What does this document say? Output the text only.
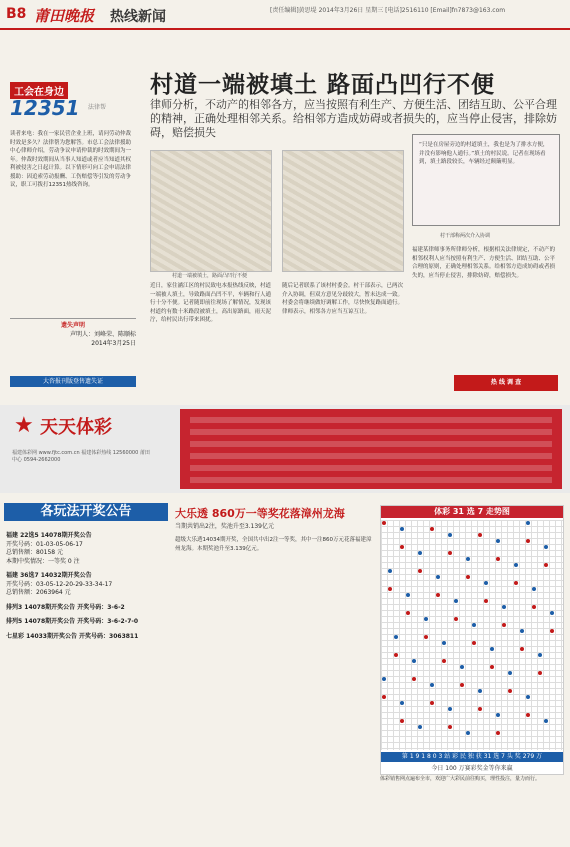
B8 莆田晚报 热线新闻	[责任编辑]黄思堤 2014年3月26日 星期三 [电话]2516110 [Email]fn7873@163.com
工会在身边
12351 法律帮
村道一端被填土 路面凸凹行不便
律师分析，不动产的相邻各方，应当按照有利生产、方便生活、团结互助、公平合理的精神，正确处理相邻关系。给相邻方造成妨碍或者损失的，应当停止侵害，排除妨碍，赔偿损失
读者来电：我在一家民营企业上班，请问劳动仲裁时效是多久？法律帮为您解答。市总工会法律援助中心律师介绍，劳动争议申请仲裁的时效期间为一年。仲裁时效期间从当事人知道或者应当知道其权利被侵害之日起计算。以下情形可向工会申请法律援助：因追索劳动报酬、工伤赔偿等引发的劳动争议，职工可拨打12351热线咨询。
村道一端被填土，路面凸凹行不便
近日，家住涵江区的村民致电本报热线反映，村道一端被人填土，导致路面凸凹不平，车辆和行人通行十分不便。记者随即前往现场了解情况，发现该村道约有数十米路段被填土，高出原路面，雨天泥泞，给村民出行带来困扰。
随后记者联系了该村村委会。村干部表示，已两次介入协调，但双方意见分歧较大，暂未达成一致。村委会将继续做好调解工作，尽快恢复路面通行。律师表示，相邻各方应当互谅互让。
“只是在房屋旁边的村道填土，我也是为了排水方便，并没有影响他人通行。”填土的村民说。记者在现场看到，填土路段较长，车辆经过颠簸明显。
村干部称两次介入协调
福建某律师事务所律师分析，根据相关法律规定，不动产的相邻权利人应当按照有利生产、方便生活、团结互助、公平合理的原则，正确处理相邻关系。给相邻方造成妨碍或者损失的，应当停止侵害，排除妨碍，赔偿损失。
遗失声明
声明人：刘峰荣、陈顺标
2014年3月25日
大咨报刊版登售遗失证	热 线 调 查
天天体彩
★
福建体彩网 www.fjtc.com.cn 福建体彩热线 12560000 莆田中心 0594-2662000
各玩法开奖公告
福建 22选5 14078期开奖公告
开奖号码：01-03-05-06-17
总销售额：80158 元
本期中奖情况：一等奖 0 注
福建 36选7 14032期开奖公告
开奖号码：03-05-12-20-29-33-34-17
总销售额：2063964 元
排列3 14078期开奖公告 开奖号码：3-6-2
排列5 14078期开奖公告 开奖号码：3-6-2-7-0
七星彩 14033期开奖公告 开奖号码：3063811
大乐透 860万一等奖花落漳州龙海
当期共销出2注，奖池升至3.139亿元
超级大乐透14034期开奖，全国共中出2注一等奖，其中一注860万元花落福建漳州龙海。本期奖池升至3.139亿元。
体彩 31 选 7 走势图
第 1 9 1 8 0 3 站 彩 民 独 获 31 选 7 头 奖 279 万
今日 100 万赛彩奖金等你来赢
体彩销售网点遍布全市，欢迎广大彩民前往购买，理性投注，量力而行。
